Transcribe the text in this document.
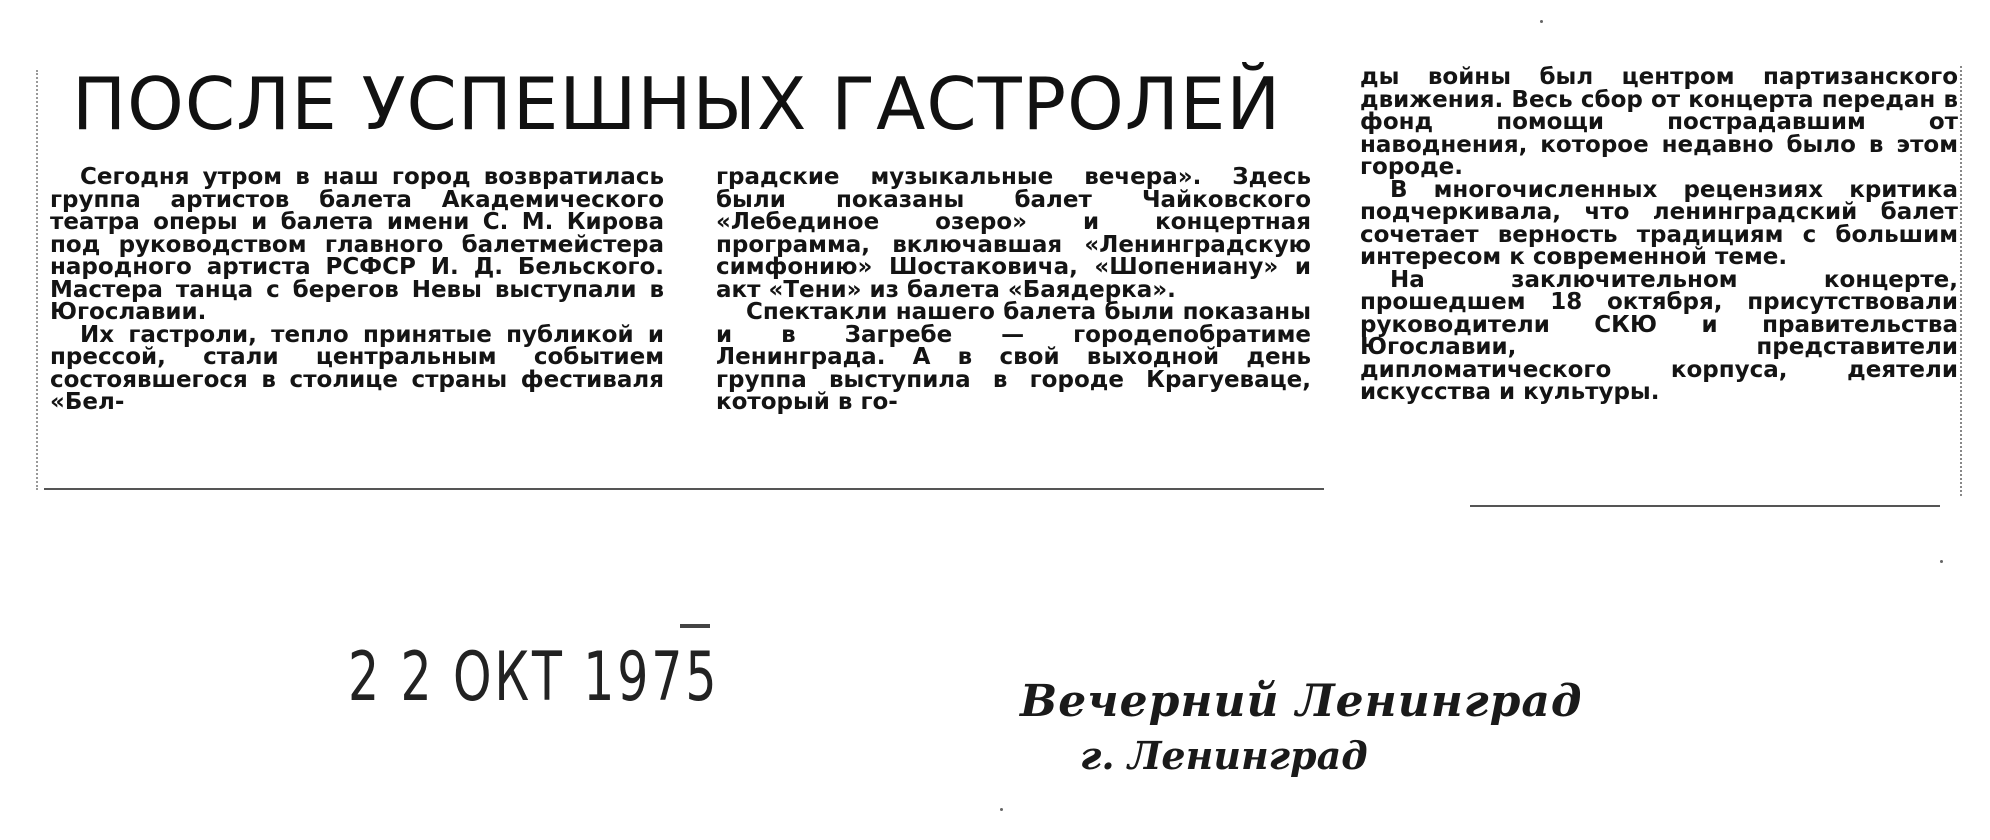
ПОСЛЕ УСПЕШНЫХ ГАСТРОЛЕЙ

Сегодня утром в наш город возвратилась группа артистов балета Академического театра оперы и балета имени С. М. Кирова под руководством главного балетмейстера народного артиста РСФСР И. Д. Бельского. Мастера танца с берегов Невы выступали в Югославии.

Их гастроли, тепло принятые публикой и прессой, стали центральным событием состоявшегося в столице страны фестиваля «Бел-

градские музыкальные вечера». Здесь были показаны балет Чайковского «Лебединое озеро» и концертная программа, включавшая «Ленинградскую симфонию» Шостаковича, «Шопениану» и акт «Тени» из балета «Баядерка».

Спектакли нашего балета были показаны и в Загребе — городепобратиме Ленинграда. А в свой выходной день группа выступила в городе Крагуеваце, который в го-

ды войны был центром партизанского движения. Весь сбор от концерта передан в фонд помощи пострадавшим от наводнения, которое недавно было в этом городе.

В многочисленных рецензиях критика подчеркивала, что ленинградский балет сочетает верность традициям с большим интересом к современной теме.

На заключительном концерте, прошедшем 18 октября, присутствовали руководители СКЮ и правительства Югославии, представители дипломатического корпуса, деятели искусства и культуры.

2 2 ОКТ 1975	Вечерний Ленинград
г. Ленинград
